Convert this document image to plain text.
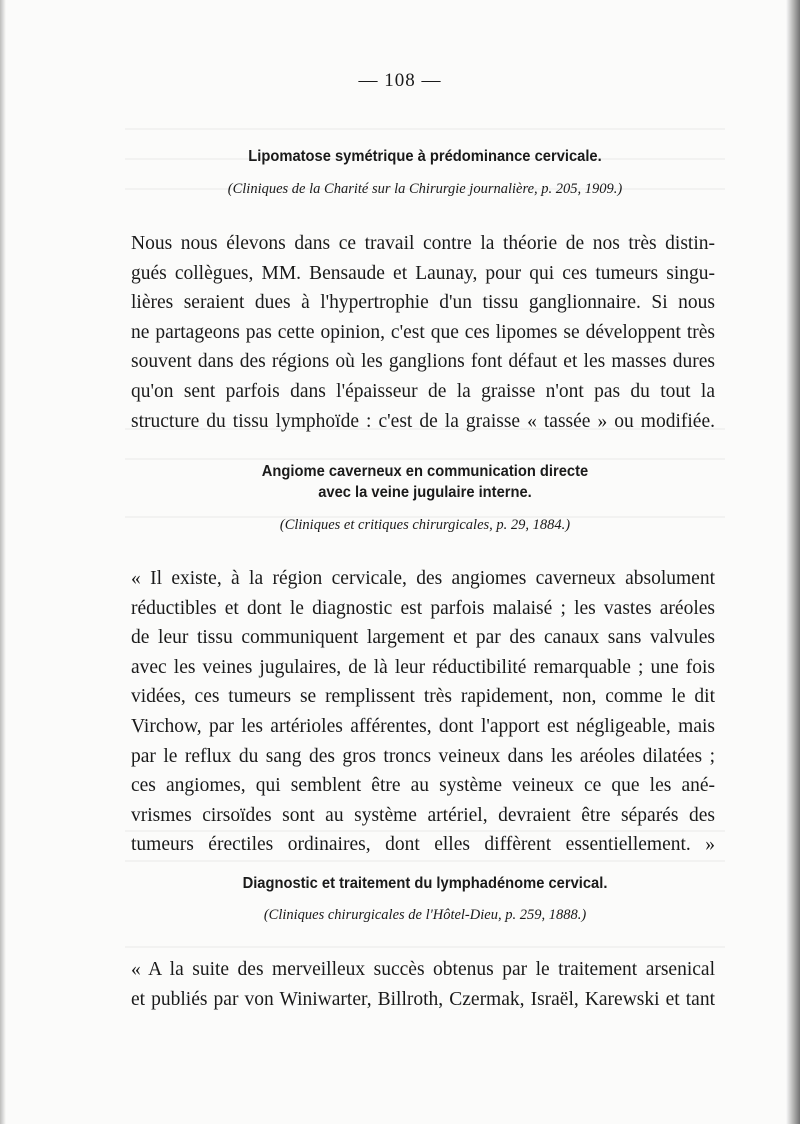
— 108 —
Lipomatose symétrique à prédominance cervicale.
(Cliniques de la Charité sur la Chirurgie journalière, p. 205, 1909.)
Nous nous élevons dans ce travail contre la théorie de nos très distin-
gués collègues, MM. Bensaude et Launay, pour qui ces tumeurs singu-
lières seraient dues à l'hypertrophie d'un tissu ganglionnaire. Si nous
ne partageons pas cette opinion, c'est que ces lipomes se développent très
souvent dans des régions où les ganglions font défaut et les masses dures
qu'on sent parfois dans l'épaisseur de la graisse n'ont pas du tout la
structure du tissu lymphoïde : c'est de la graisse « tassée » ou modifiée.
Angiome caverneux en communication directe
avec la veine jugulaire interne.
(Cliniques et critiques chirurgicales, p. 29, 1884.)
« Il existe, à la région cervicale, des angiomes caverneux absolument
réductibles et dont le diagnostic est parfois malaisé ; les vastes aréoles
de leur tissu communiquent largement et par des canaux sans valvules
avec les veines jugulaires, de là leur réductibilité remarquable ; une fois
vidées, ces tumeurs se remplissent très rapidement, non, comme le dit
Virchow, par les artérioles afférentes, dont l'apport est négligeable, mais
par le reflux du sang des gros troncs veineux dans les aréoles dilatées ;
ces angiomes, qui semblent être au système veineux ce que les ané-
vrismes cirsoïdes sont au système artériel, devraient être séparés des
tumeurs érectiles ordinaires, dont elles diffèrent essentiellement. »
Diagnostic et traitement du lymphadénome cervical.
(Cliniques chirurgicales de l'Hôtel-Dieu, p. 259, 1888.)
« A la suite des merveilleux succès obtenus par le traitement arsenical
et publiés par von Winiwarter, Billroth, Czermak, Israël, Karewski et tant
